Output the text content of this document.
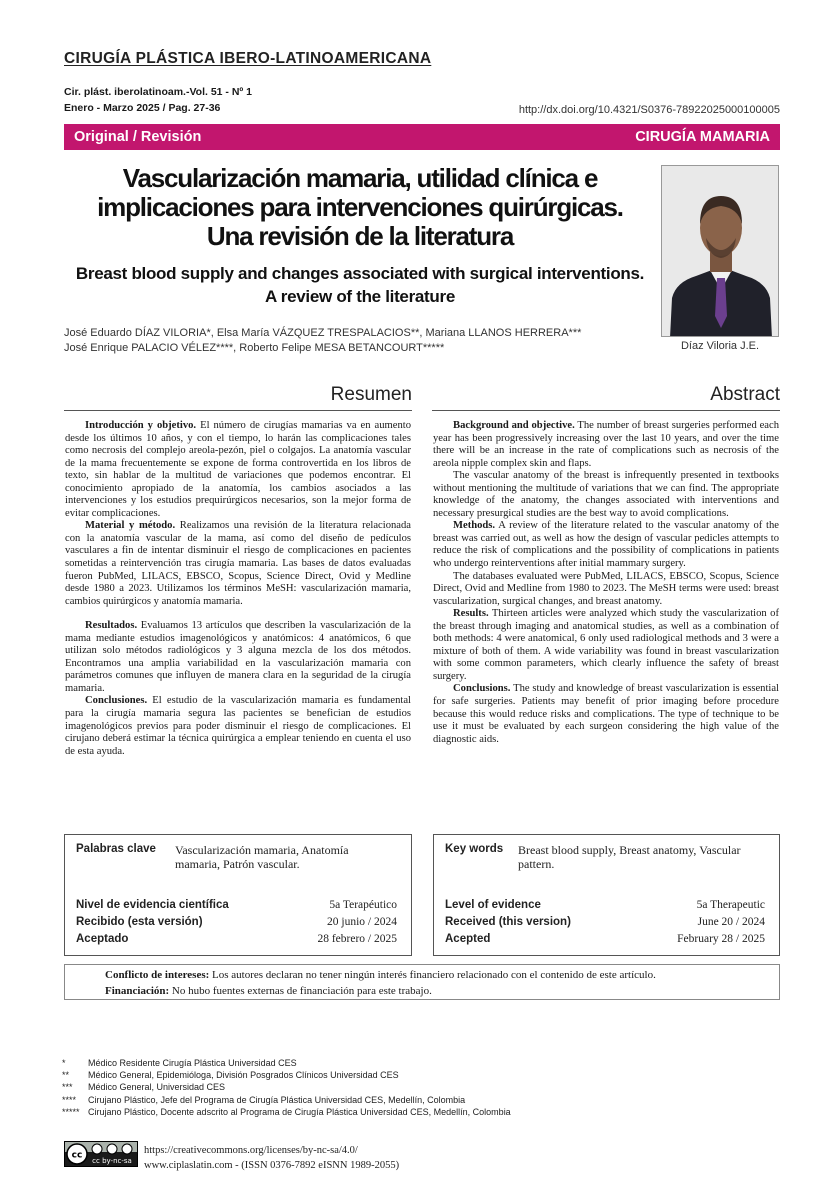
CIRUGÍA PLÁSTICA IBERO-LATINOAMERICANA
Cir. plást. iberolatinoam.-Vol. 51 - Nº 1
Enero - Marzo 2025 / Pag. 27-36	http://dx.doi.org/10.4321/S0376-78922025000100005
Original / Revisión	CIRUGÍA MAMARIA
Vascularización mamaria, utilidad clínica e
implicaciones para intervenciones quirúrgicas.
Una revisión de la literatura
Breast blood supply and changes associated with surgical interventions.
A review of the literature
Díaz Viloria J.E.
José Eduardo DÍAZ VILORIA*, Elsa María VÁZQUEZ TRESPALACIOS**, Mariana LLANOS HERRERA***
José Enrique PALACIO VÉLEZ****, Roberto Felipe MESA BETANCOURT*****
Resumen	Abstract

Introducción y objetivo. El número de cirugías mamarias va en aumento desde los últimos 10 años, y con el tiempo, lo harán las complicaciones tales como necrosis del complejo areola-pezón, piel o colgajos. La anatomía vascular de la mama frecuentemente se expone de forma controvertida en los libros de texto, sin hablar de la multitud de variaciones que podemos encontrar. El conocimiento apropiado de la anatomía, los cambios asociados a las intervenciones y los estudios prequirúrgicos necesarios, son la mejor forma de evitar complicaciones.

Material y método. Realizamos una revisión de la literatura relacionada con la anatomía vascular de la mama, así como del diseño de pedículos vasculares a fin de intentar disminuir el riesgo de complicaciones en pacientes sometidas a reintervención tras cirugía mamaria. Las bases de datos evaluadas fueron PubMed, LILACS, EBSCO, Scopus, Science Direct, Ovid y Medline desde 1980 a 2023. Utilizamos los términos MeSH: vascularización mamaria, cambios quirúrgicos y anatomía mamaria.

Resultados. Evaluamos 13 artículos que describen la vascularización de la mama mediante estudios imagenológicos y anatómicos: 4 anatómicos, 6 que utilizan solo métodos radiológicos y 3 alguna mezcla de los dos métodos. Encontramos una amplia variabilidad en la vascularización mamaria con parámetros comunes que influyen de manera clara en la seguridad de la cirugía mamaria.

Conclusiones. El estudio de la vascularización mamaria es fundamental para la cirugía mamaria segura las pacientes se benefician de estudios imagenológicos previos para poder disminuir el riesgo de complicaciones. El cirujano deberá estimar la técnica quirúrgica a emplear teniendo en cuenta el uso de esta ayuda.

Background and objective. The number of breast surgeries performed each year has been progressively increasing over the last 10 years, and over the time there will be an increase in the rate of complications such as necrosis of the areola nipple complex skin and flaps.

The vascular anatomy of the breast is infrequently presented in textbooks without mentioning the multitude of variations that we can find. The appropriate knowledge of the anatomy, the changes associated with interventions and necessary presurgical studies are the best way to avoid complications.

Methods. A review of the literature related to the vascular anatomy of the breast was carried out, as well as how the design of vascular pedicles attempts to reduce the risk of complications and the possibility of complications in patients who undergo reinterventions after initial mammary surgery.

The databases evaluated were PubMed, LILACS, EBSCO, Scopus, Science Direct, Ovid and Medline from 1980 to 2023. The MeSH terms were used: breast vascularization, surgical changes, and breast anatomy.

Results. Thirteen articles were analyzed which study the vascularization of the breast through imaging and anatomical studies, as well as a combination of both methods: 4 were anatomical, 6 only used radiological methods and 3 were a mixture of both of them. A wide variability was found in breast vascularization with some common parameters, which clearly influence the safety of breast surgery.

Conclusions. The study and knowledge of breast vascularization is essential for safe surgeries. Patients may benefit of prior imaging before procedure because this would reduce risks and complications. The type of technique to be use it must be evaluated by each surgeon considering the high value of the diagnostic aids.

Palabras clave Vascularización mamaria, Anatomía mamaria, Patrón vascular.
Nivel de evidencia científica	5a Terapéutico
Recibido (esta versión)	20 junio / 2024
Aceptado	28 febrero / 2025
Key words Breast blood supply, Breast anatomy, Vascular pattern.
Level of evidence	5a Therapeutic
Received (this version)	June 20 / 2024
Acepted	February 28 / 2025
Conflicto de intereses: Los autores declaran no tener ningún interés financiero relacionado con el contenido de este artículo.
Financiación: No hubo fuentes externas de financiación para este trabajo.
*	Médico Residente Cirugía Plástica Universidad CES
**	Médico General, Epidemióloga, División Posgrados Clínicos Universidad CES
***	Médico General, Universidad CES
****	Cirujano Plástico, Jefe del Programa de Cirugía Plástica Universidad CES, Medellín, Colombia
***** Cirujano Plástico, Docente adscrito al Programa de Cirugía Plástica Universidad CES, Medellín, Colombia
cc
cc by-nc-sa
https://creativecommons.org/licenses/by-nc-sa/4.0/
www.ciplaslatin.com - (ISSN 0376-7892 eISNN 1989-2055)
